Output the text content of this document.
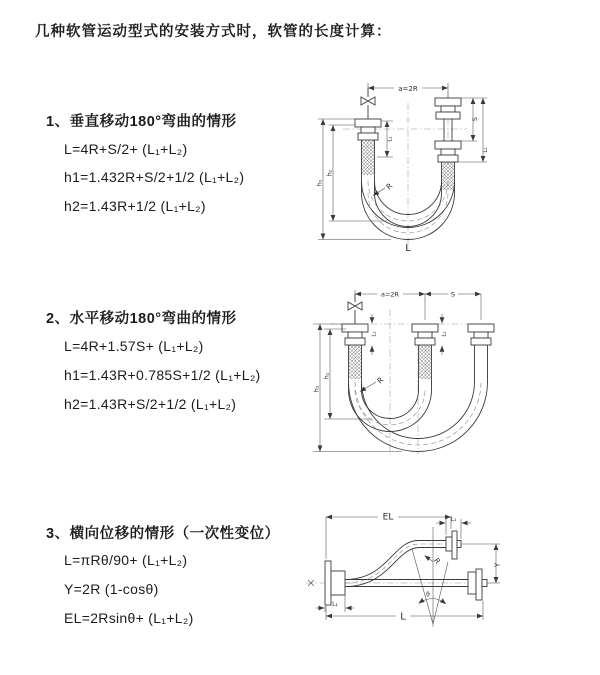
几种软管运动型式的安装方式时，软管的长度计算：
1、垂直移动180°弯曲的情形
L=4R+S/2+ (L₁+L₂)
h1=1.432R+S/2+1/2 (L₁+L₂)
h2=1.43R+1/2 (L₁+L₂)
2、水平移动180°弯曲的情形
L=4R+1.57S+ (L₁+L₂)
h1=1.43R+0.785S+1/2 (L₁+L₂)
h2=1.43R+S/2+1/2 (L₁+L₂)
3、横向位移的情形（一次性变位）
L=πRθ/90+ (L₁+L₂)
Y=2R (1-cosθ)
EL=2Rsinθ+ (L₁+L₂)
a=2R
h₁
h₂
L₁
S
L₁
R
L
a=2R	S
h₁
h₂
L₁	L₁
R
EL	L₁
Y
R
θ
L
L₁
